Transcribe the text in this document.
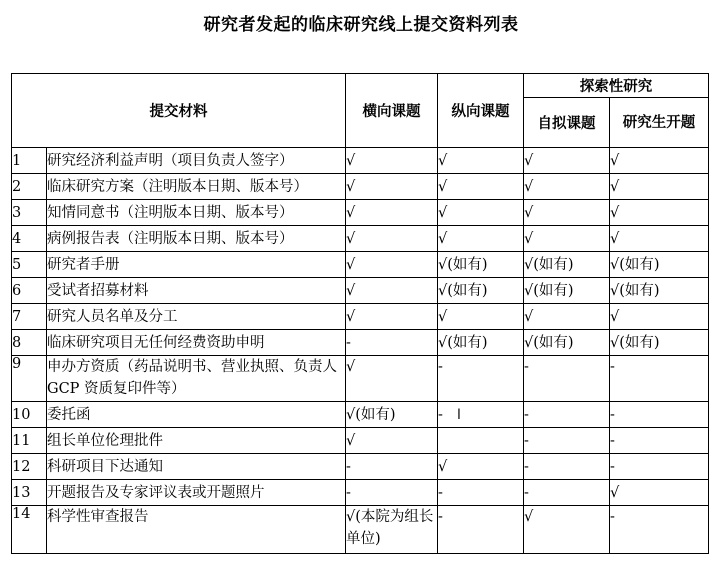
研究者发起的临床研究线上提交资料列表
提交材料		横向课题	纵向课题	探索性研究	
				自拟课题	研究生开题
1	研究经济利益声明（项目负责人签字）	√	√	√	√
2	临床研究方案（注明版本日期、版本号）	√	√	√	√
3	知情同意书（注明版本日期、版本号）	√	√	√	√
4	病例报告表（注明版本日期、版本号）	√	√	√	√
5	研究者手册	√	√(如有)	√(如有)	√(如有)
6	受试者招募材料	√	√(如有)	√(如有)	√(如有)
7	研究人员名单及分工	√	√	√	√
8	临床研究项目无任何经费资助申明	-	√(如有)	√(如有)	√(如有)
9	申办方资质（药品说明书、营业执照、负责人 GCP 资质复印件等）	√	-	-	-
10	委托函	√(如有)	- I	-	-
11	组长单位伦理批件	√		-	-
12	科研项目下达通知	-	√	-	-
13	开题报告及专家评议表或开题照片	-	-	-	√
14	科学性审查报告	√(本院为组长单位)	-	√	-
